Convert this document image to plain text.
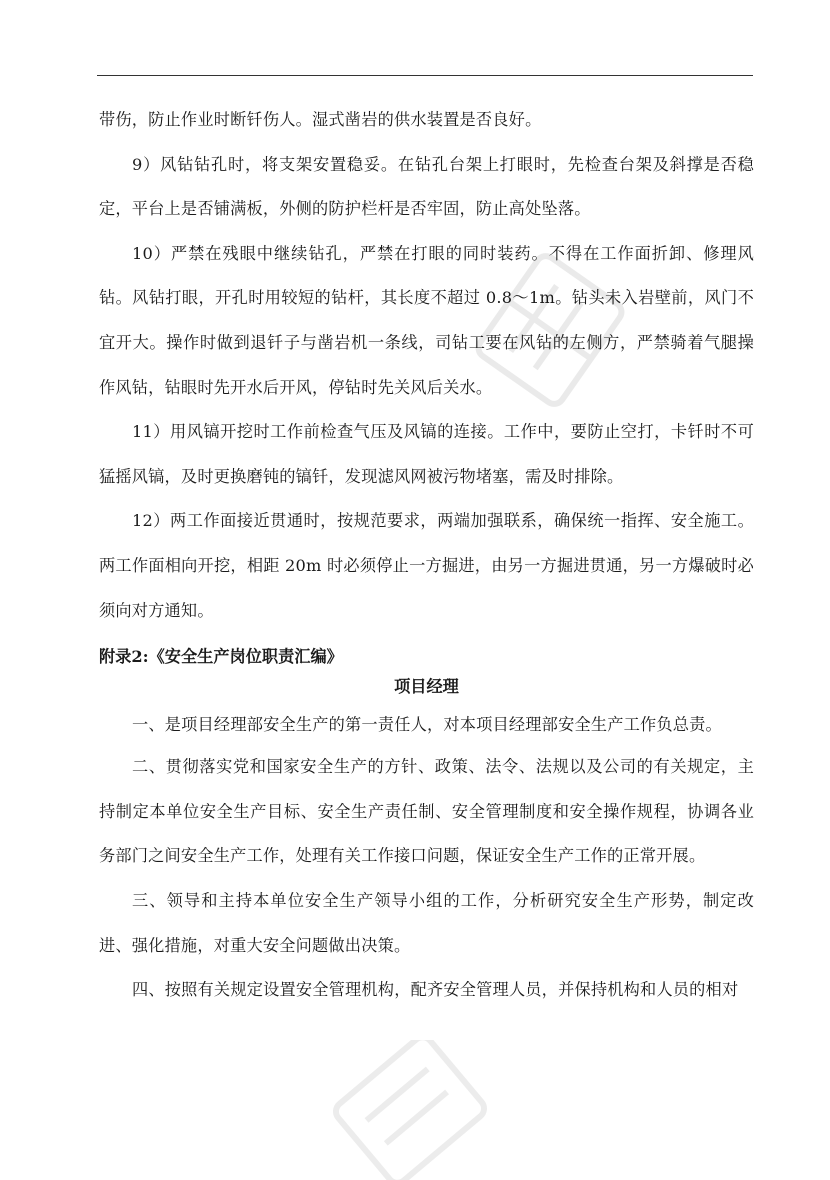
带伤，防止作业时断钎伤人。湿式凿岩的供水装置是否良好。

9）风钻钻孔时，将支架安置稳妥。在钻孔台架上打眼时，先检查台架及斜撑是否稳定，平台上是否铺满板，外侧的防护栏杆是否牢固，防止高处坠落。

10）严禁在残眼中继续钻孔，严禁在打眼的同时装药。不得在工作面折卸、修理风钻。风钻打眼，开孔时用较短的钻杆，其长度不超过 0.8～1m。钻头未入岩壁前，风门不宜开大。操作时做到退钎子与凿岩机一条线，司钻工要在风钻的左侧方，严禁骑着气腿操作风钻，钻眼时先开水后开风，停钻时先关风后关水。

11）用风镐开挖时工作前检查气压及风镐的连接。工作中，要防止空打，卡钎时不可猛摇风镐，及时更换磨钝的镐钎，发现滤风网被污物堵塞，需及时排除。

12）两工作面接近贯通时，按规范要求，两端加强联系，确保统一指挥、安全施工。两工作面相向开挖，相距 20m 时必须停止一方掘进，由另一方掘进贯通，另一方爆破时必须向对方通知。

附录2:《安全生产岗位职责汇编》

项目经理

一、是项目经理部安全生产的第一责任人，对本项目经理部安全生产工作负总责。

二、贯彻落实党和国家安全生产的方针、政策、法令、法规以及公司的有关规定，主持制定本单位安全生产目标、安全生产责任制、安全管理制度和安全操作规程，协调各业务部门之间安全生产工作，处理有关工作接口问题，保证安全生产工作的正常开展。

三、领导和主持本单位安全生产领导小组的工作，分析研究安全生产形势，制定改进、强化措施，对重大安全问题做出决策。

四、按照有关规定设置安全管理机构，配齐安全管理人员，并保持机构和人员的相对
